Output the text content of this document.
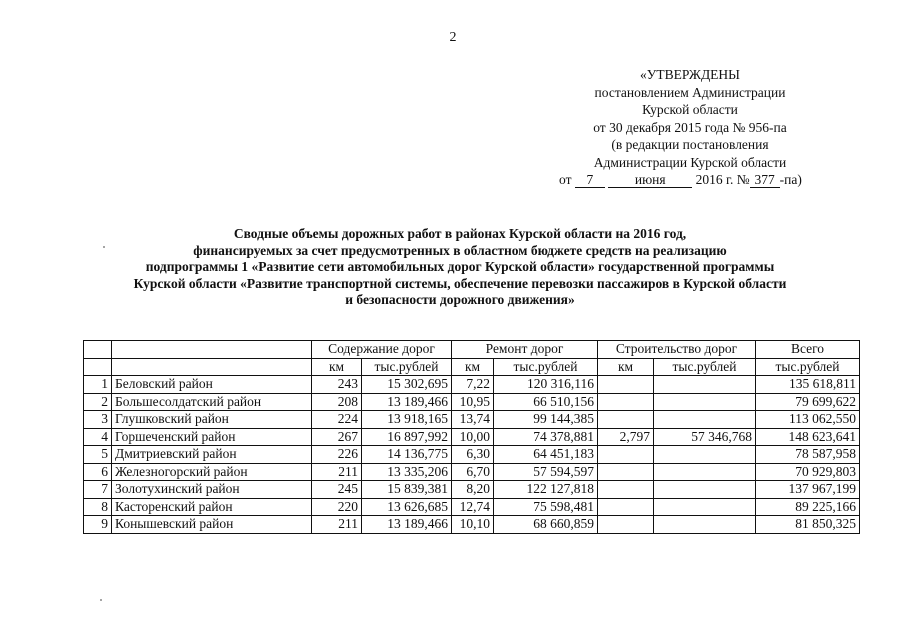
2
«УТВЕРЖДЕНЫ
постановлением Администрации
Курской области
от 30 декабря 2015 года № 956-па
(в редакции постановления
Администрации Курской области
от 7	июня 2016 г. № 377 -па)
Сводные объемы дорожных работ в районах Курской области на 2016 год,
финансируемых за счет предусмотренных в областном бюджете средств на реализацию
подпрограммы 1 «Развитие сети автомобильных дорог Курской области» государственной программы
Курской области «Развитие транспортной системы, обеспечение перевозки пассажиров в Курской области
и безопасности дорожного движения»
		Содержание дорог		Ремонт дорог		Строительство дорог		Всего
		км	тыс.рублей	км	тыс.рублей	км	тыс.рублей	тыс.рублей
1	Беловский район	243	15 302,695	7,22	120 316,116			135 618,811
2	Большесолдатский район	208	13 189,466	10,95	66 510,156			79 699,622
3	Глушковский район	224	13 918,165	13,74	99 144,385			113 062,550
4	Горшеченский район	267	16 897,992	10,00	74 378,881	2,797	57 346,768	148 623,641
5	Дмитриевский район	226	14 136,775	6,30	64 451,183			78 587,958
6	Железногорский район	211	13 335,206	6,70	57 594,597			70 929,803
7	Золотухинский район	245	15 839,381	8,20	122 127,818			137 967,199
8	Касторенский район	220	13 626,685	12,74	75 598,481			89 225,166
9	Конышевский район	211	13 189,466	10,10	68 660,859			81 850,325
